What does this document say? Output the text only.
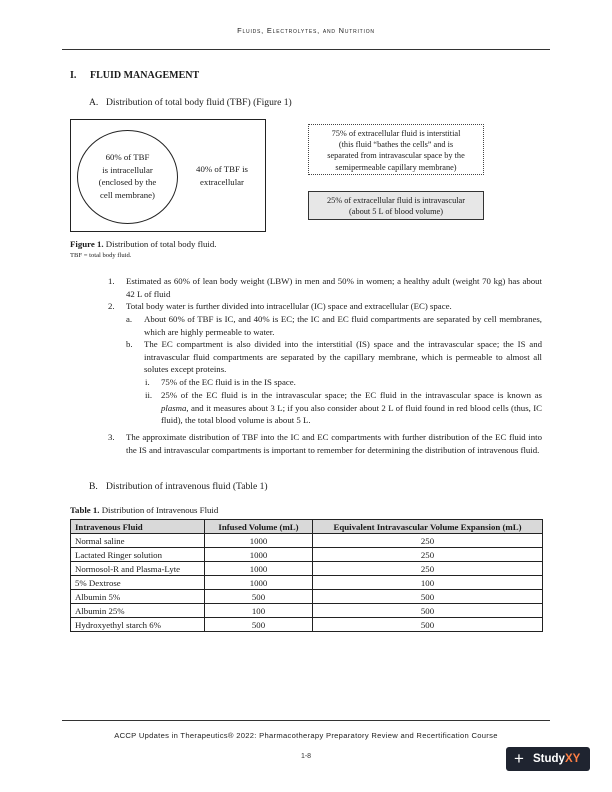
Fluids, Electrolytes, and Nutrition
I. FLUID MANAGEMENT
A. Distribution of total body fluid (TBF) (Figure 1)
60% of TBF
is intracellular
(enclosed by the
cell membrane)
40% of TBF is
extracellular
75% of extracellular fluid is interstitial
(this fluid “bathes the cells” and is
separated from intravascular space by the
semipermeable capillary membrane)
25% of extracellular fluid is intravascular
(about 5 L of blood volume)
Figure 1. Distribution of total body fluid.
TBF = total body fluid.
1. Estimated as 60% of lean body weight (LBW) in men and 50% in women; a healthy adult (weight 70 kg) has about 42 L of fluid
2. Total body water is further divided into intracellular (IC) space and extracellular (EC) space.
a. About 60% of TBF is IC, and 40% is EC; the IC and EC fluid compartments are separated by cell membranes, which are highly permeable to water.
b. The EC compartment is also divided into the interstitial (IS) space and the intravascular space; the IS and intravascular fluid compartments are separated by the capillary membrane, which is permeable to almost all solutes except proteins.
i. 75% of the EC fluid is in the IS space.
ii. 25% of the EC fluid is in the intravascular space; the EC fluid in the intravascular space is known as plasma, and it measures about 3 L; if you also consider about 2 L of fluid found in red blood cells (thus, IC fluid), the total blood volume is about 5 L.
3. The approximate distribution of TBF into the IC and EC compartments with further distribution of the EC fluid into the IS and intravascular compartments is important to remember for determining the distribution of intravenous fluid.
B. Distribution of intravenous fluid (Table 1)
Table 1. Distribution of Intravenous Fluid
Intravenous Fluid	Infused Volume (mL)	Equivalent Intravascular Volume Expansion (mL)
Normal saline	1000	250
Lactated Ringer solution	1000	250
Normosol-R and Plasma-Lyte	1000	250
5% Dextrose	1000	100
Albumin 5%	500	500
Albumin 25%	100	500
Hydroxyethyl starch 6%	500	500
ACCP Updates in Therapeutics® 2022: Pharmacotherapy Preparatory Review and Recertification Course
1-8	+ StudyXY
